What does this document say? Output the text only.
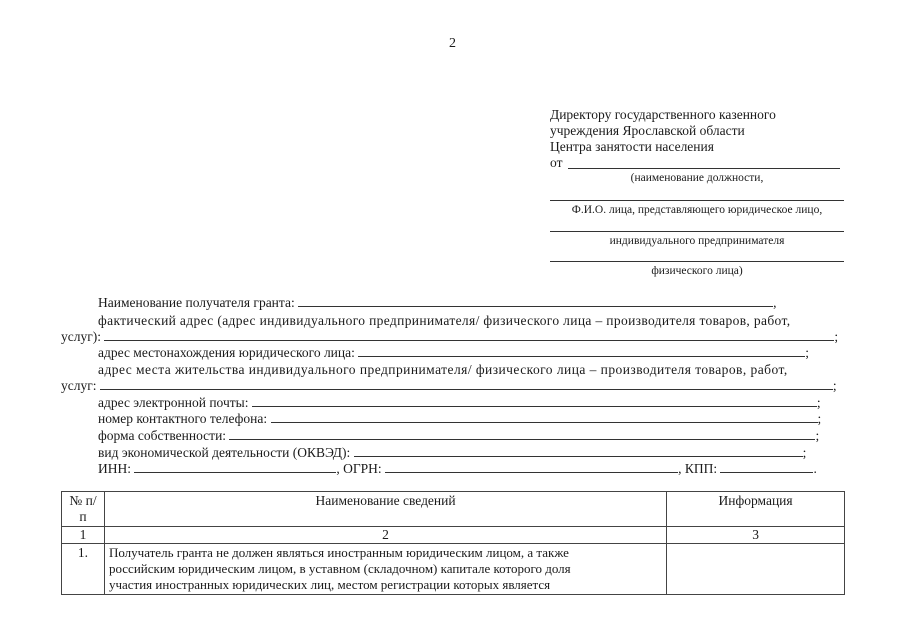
2
Директору государственного казенного
учреждения Ярославской области
Центра занятости населения
от
(наименование должности,
Ф.И.О. лица, представляющего юридическое лицо,
индивидуального предпринимателя
физического лица)
Наименование получателя гранта:	,
фактический адрес (адрес индивидуального предпринимателя/ физического лица – производителя товаров, работ,
услуг):	;
адрес местонахождения юридического лица:	;
адрес места жительства индивидуального предпринимателя/ физического лица – производителя товаров, работ,
услуг:	;
адрес электронной почты:	;
номер контактного телефона:	;
форма собственности:	;
вид экономической деятельности (ОКВЭД):	;
ИНН:	, ОГРН:	, КПП:	.
№ п/п	Наименование сведений	Информация
1	2	3
1.	Получатель гранта не должен являться иностранным юридическим лицом, а также
российским юридическим лицом, в уставном (складочном) капитале которого доля
участия иностранных юридических лиц, местом регистрации которых является	
